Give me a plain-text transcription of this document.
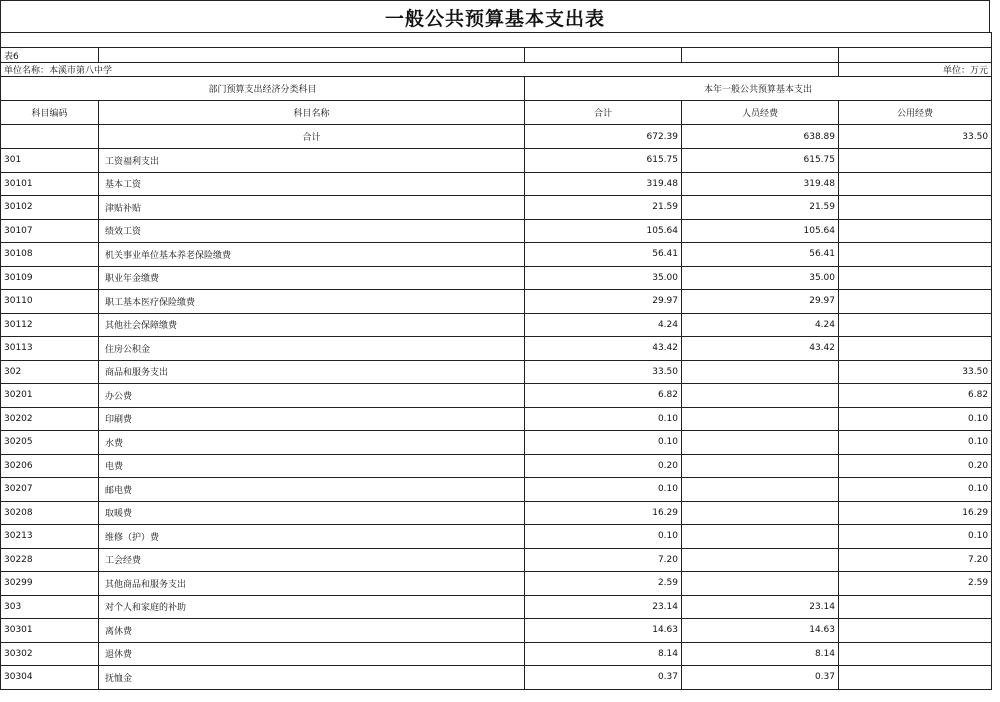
一般公共预算基本支出表

表6				
单位名称：本溪市第八中学				单位：万元
部门预算支出经济分类科目		本年一般公共预算基本支出		
科目编码	科目名称	合计	人员经费	公用经费
	合计	672.39	638.89	33.50
301	工资福利支出	615.75	615.75	
30101	基本工资	319.48	319.48	
30102	津贴补贴	21.59	21.59	
30107	绩效工资	105.64	105.64	
30108	机关事业单位基本养老保险缴费	56.41	56.41	
30109	职业年金缴费	35.00	35.00	
30110	职工基本医疗保险缴费	29.97	29.97	
30112	其他社会保障缴费	4.24	4.24	
30113	住房公积金	43.42	43.42	
302	商品和服务支出	33.50		33.50
30201	办公费	6.82		6.82
30202	印刷费	0.10		0.10
30205	水费	0.10		0.10
30206	电费	0.20		0.20
30207	邮电费	0.10		0.10
30208	取暖费	16.29		16.29
30213	维修（护）费	0.10		0.10
30228	工会经费	7.20		7.20
30299	其他商品和服务支出	2.59		2.59
303	对个人和家庭的补助	23.14	23.14	
30301	离休费	14.63	14.63	
30302	退休费	8.14	8.14	
30304	抚恤金	0.37	0.37	
